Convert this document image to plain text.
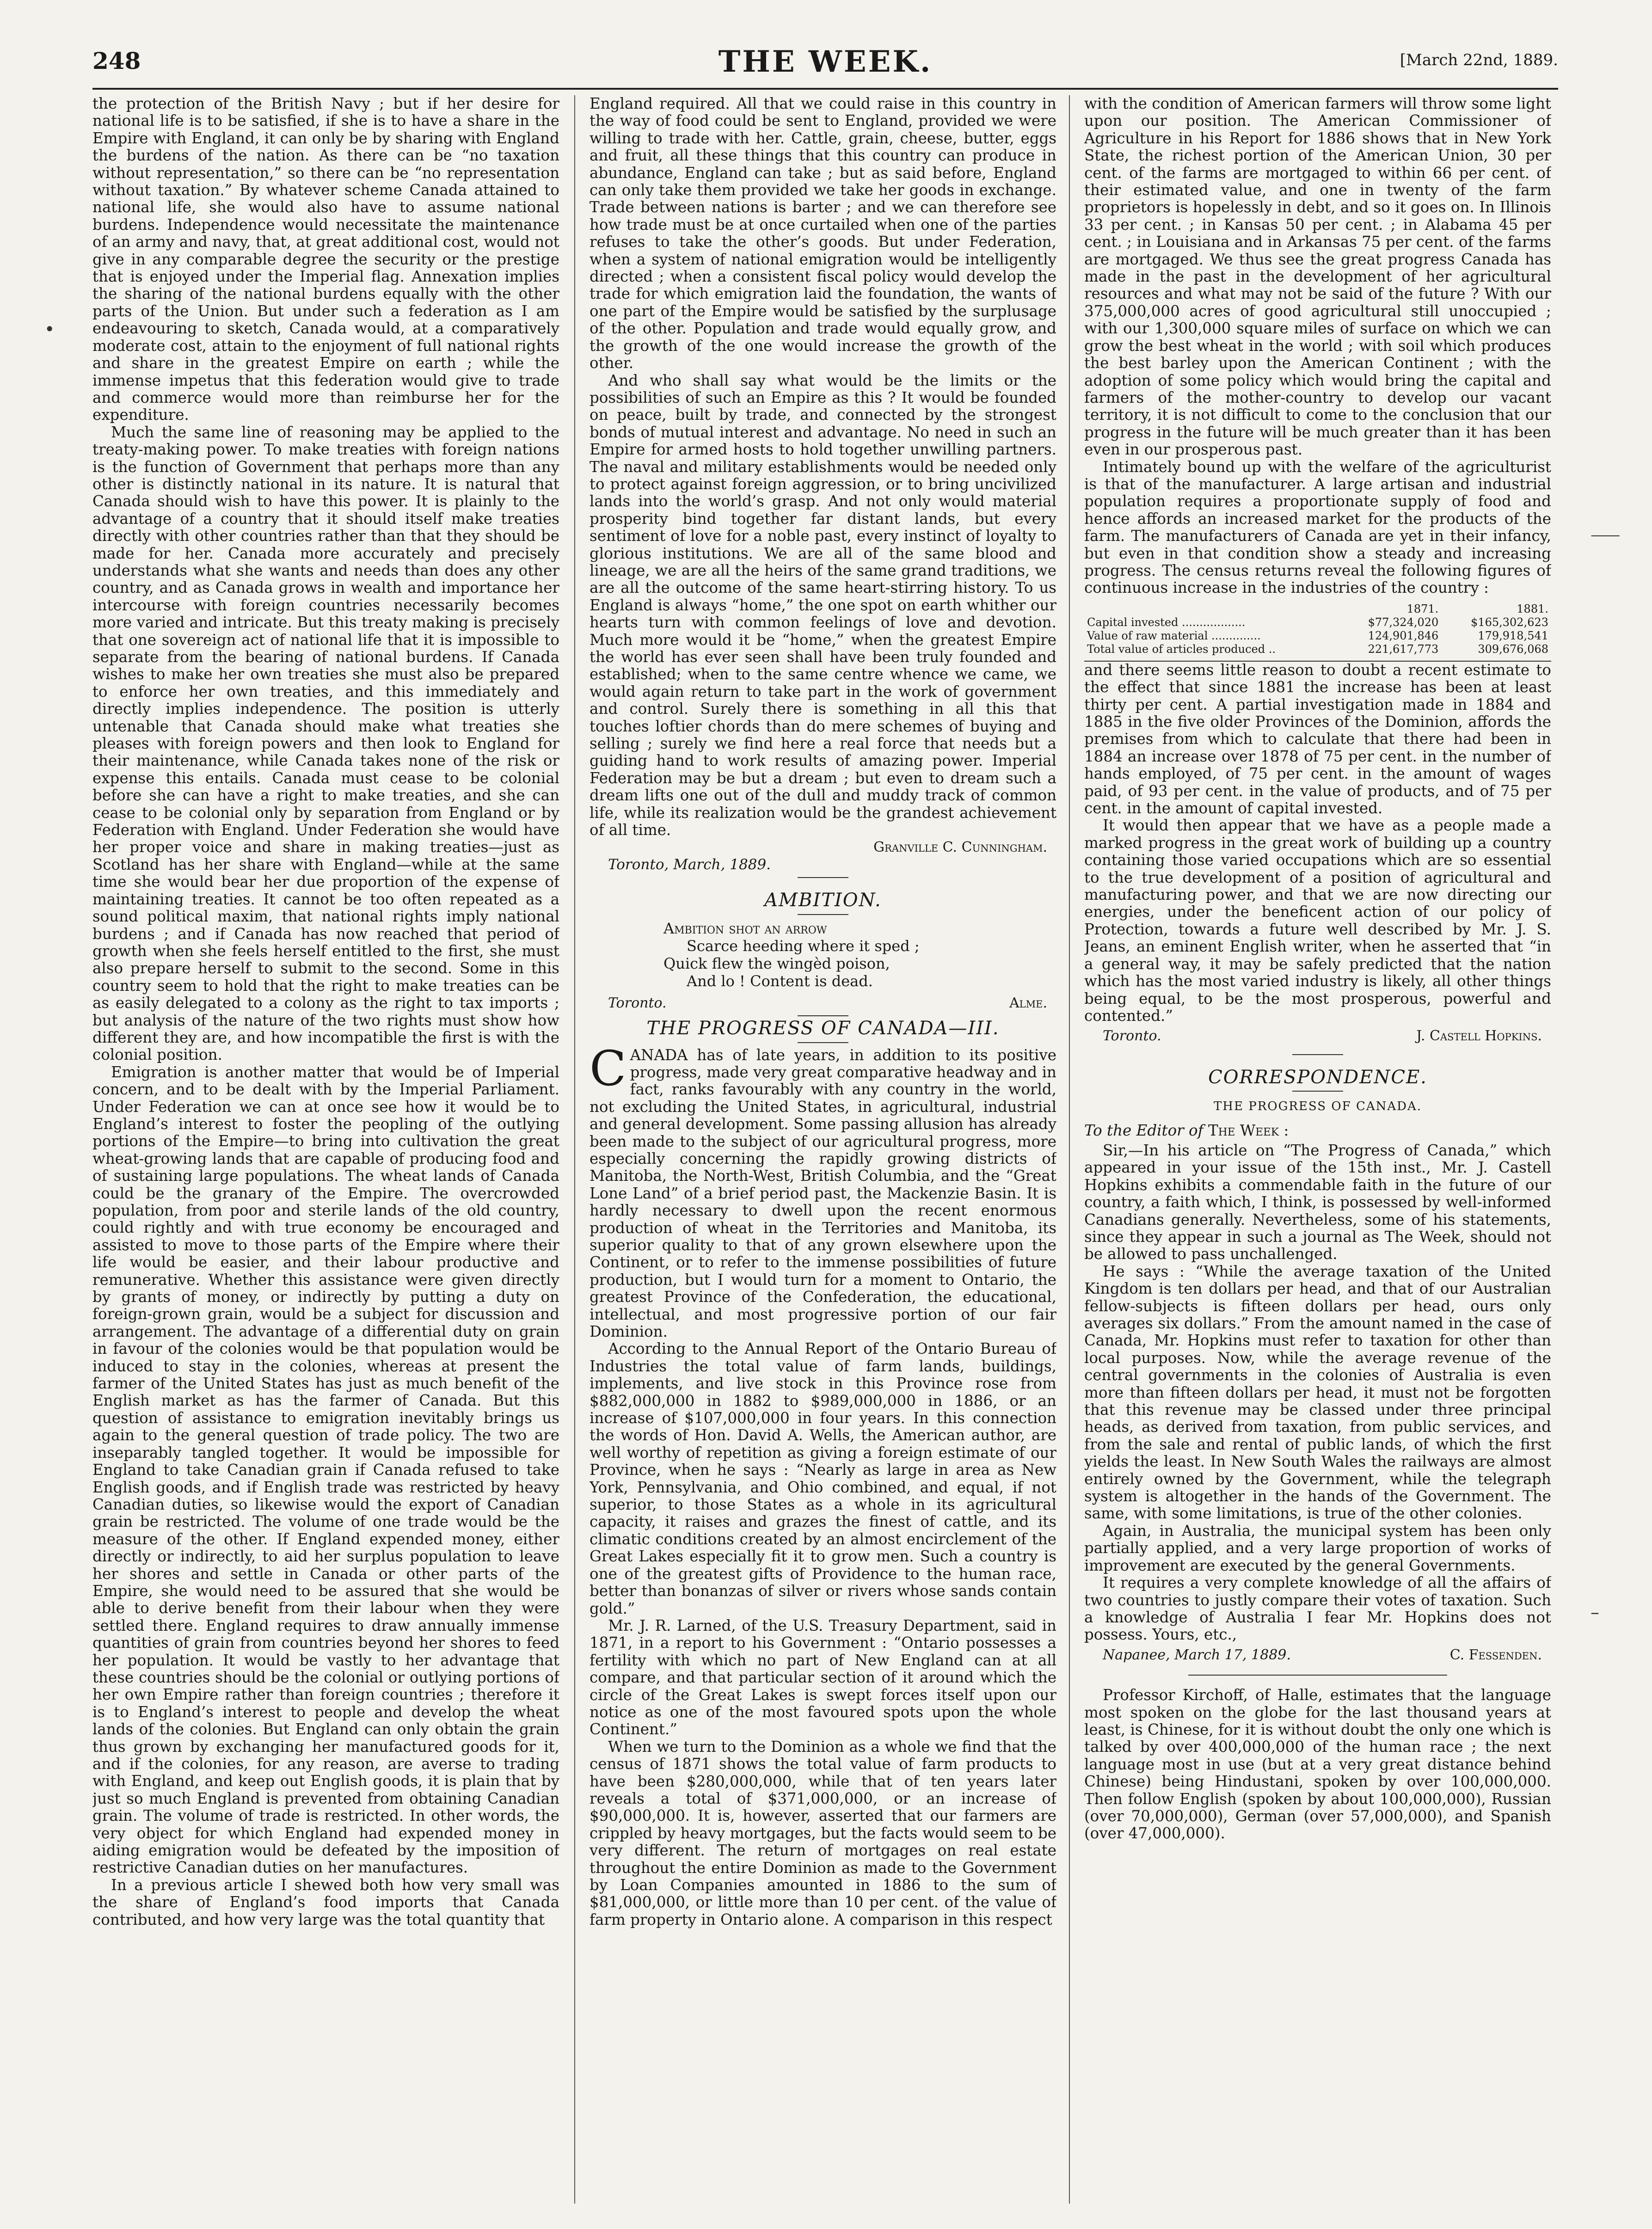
248	THE WEEK.	[March 22nd, 1889.

the protection of the British Navy ; but if her desire for national life is to be satisfied, if she is to have a share in the Empire with England, it can only be by sharing with England the burdens of the nation. As there can be “no taxation without representation,” so there can be “no representation without taxation.” By whatever scheme Canada attained to national life, she would also have to assume national burdens. Independence would necessitate the maintenance of an army and navy, that, at great additional cost, would not give in any comparable degree the security or the prestige that is enjoyed under the Imperial flag. Annexation implies the sharing of the national burdens equally with the other parts of the Union. But under such a federation as I am endeavouring to sketch, Canada would, at a comparatively moderate cost, attain to the enjoyment of full national rights and share in the greatest Empire on earth ; while the immense impetus that this federation would give to trade and commerce would more than reimburse her for the expenditure.

Much the same line of reasoning may be applied to the treaty-making power. To make treaties with foreign nations is the function of Government that perhaps more than any other is distinctly national in its nature. It is natural that Canada should wish to have this power. It is plainly to the advantage of a country that it should itself make treaties directly with other countries rather than that they should be made for her. Canada more accurately and precisely understands what she wants and needs than does any other country, and as Canada grows in wealth and importance her intercourse with foreign countries necessarily becomes more varied and intricate. But this treaty making is precisely that one sovereign act of national life that it is impossible to separate from the bearing of national burdens. If Canada wishes to make her own treaties she must also be prepared to enforce her own treaties, and this immediately and directly implies independence. The position is utterly untenable that Canada should make what treaties she pleases with foreign powers and then look to England for their maintenance, while Canada takes none of the risk or expense this entails. Canada must cease to be colonial before she can have a right to make treaties, and she can cease to be colonial only by separation from England or by Federation with England. Under Federation she would have her proper voice and share in making treaties—just as Scotland has her share with England—while at the same time she would bear her due proportion of the expense of maintaining treaties. It cannot be too often repeated as a sound political maxim, that national rights imply national burdens ; and if Canada has now reached that period of growth when she feels herself entitled to the first, she must also prepare herself to submit to the second. Some in this country seem to hold that the right to make treaties can be as easily delegated to a colony as the right to tax imports ; but analysis of the nature of the two rights must show how different they are, and how incompatible the first is with the colonial position.

Emigration is another matter that would be of Imperial concern, and to be dealt with by the Imperial Parliament. Under Federation we can at once see how it would be to England’s interest to foster the peopling of the outlying portions of the Empire—to bring into cultivation the great wheat-growing lands that are capable of producing food and of sustaining large populations. The wheat lands of Canada could be the granary of the Empire. The overcrowded population, from poor and sterile lands of the old country, could rightly and with true economy be encouraged and assisted to move to those parts of the Empire where their life would be easier, and their labour productive and remunerative. Whether this assistance were given directly by grants of money, or indirectly by putting a duty on foreign-grown grain, would be a subject for discussion and arrangement. The advantage of a differential duty on grain in favour of the colonies would be that population would be induced to stay in the colonies, whereas at present the farmer of the United States has just as much benefit of the English market as has the farmer of Canada. But this question of assistance to emigration inevitably brings us again to the general question of trade policy. The two are inseparably tangled together. It would be impossible for England to take Canadian grain if Canada refused to take English goods, and if English trade was restricted by heavy Canadian duties, so likewise would the export of Canadian grain be restricted. The volume of one trade would be the measure of the other. If England expended money, either directly or indirectly, to aid her surplus population to leave her shores and settle in Canada or other parts of the Empire, she would need to be assured that she would be able to derive benefit from their labour when they were settled there. England requires to draw annually immense quantities of grain from countries beyond her shores to feed her population. It would be vastly to her advantage that these countries should be the colonial or outlying portions of her own Empire rather than foreign countries ; therefore it is to England’s interest to people and develop the wheat lands of the colonies. But England can only obtain the grain thus grown by exchanging her manufactured goods for it, and if the colonies, for any reason, are averse to trading with England, and keep out English goods, it is plain that by just so much England is prevented from obtaining Canadian grain. The volume of trade is restricted. In other words, the very object for which England had expended money in aiding emigration would be defeated by the imposition of restrictive Canadian duties on her manufactures.

In a previous article I shewed both how very small was the share of England’s food imports that Canada contributed, and how very large was the total quantity that

England required. All that we could raise in this country in the way of food could be sent to England, provided we were willing to trade with her. Cattle, grain, cheese, butter, eggs and fruit, all these things that this country can produce in abundance, England can take ; but as said before, England can only take them provided we take her goods in exchange. Trade between nations is barter ; and we can therefore see how trade must be at once curtailed when one of the parties refuses to take the other’s goods. But under Federation, when a system of national emigration would be intelligently directed ; when a consistent fiscal policy would develop the trade for which emigration laid the foundation, the wants of one part of the Empire would be satisfied by the surplusage of the other. Population and trade would equally grow, and the growth of the one would increase the growth of the other.

And who shall say what would be the limits or the possibilities of such an Empire as this ? It would be founded on peace, built by trade, and connected by the strongest bonds of mutual interest and advantage. No need in such an Empire for armed hosts to hold together unwilling partners. The naval and military establishments would be needed only to protect against foreign aggression, or to bring uncivilized lands into the world’s grasp. And not only would material prosperity bind together far distant lands, but every sentiment of love for a noble past, every instinct of loyalty to glorious institutions. We are all of the same blood and lineage, we are all the heirs of the same grand traditions, we are all the outcome of the same heart-stirring history. To us England is always “home,” the one spot on earth whither our hearts turn with common feelings of love and devotion. Much more would it be “home,” when the greatest Empire the world has ever seen shall have been truly founded and established; when to the same centre whence we came, we would again return to take part in the work of government and control. Surely there is something in all this that touches loftier chords than do mere schemes of buying and selling ; surely we find here a real force that needs but a guiding hand to work results of amazing power. Imperial Federation may be but a dream ; but even to dream such a dream lifts one out of the dull and muddy track of common life, while its realization would be the grandest achievement of all time.

Granville C. Cunningham.
Toronto, March, 1889.
AMBITION.
Ambition shot an arrow
Scarce heeding where it sped ;
Quick flew the wingèd poison,
And lo ! Content is dead.
Toronto.	Alme.
THE PROGRESS OF CANADA—III.

CANADA has of late years, in addition to its positive progress, made very great comparative headway and in fact, ranks favourably with any country in the world, not excluding the United States, in agricultural, industrial and general development. Some passing allusion has already been made to the subject of our agricultural progress, more especially concerning the rapidly growing districts of Manitoba, the North-West, British Columbia, and the “Great Lone Land” of a brief period past, the Mackenzie Basin. It is hardly necessary to dwell upon the recent enormous production of wheat in the Territories and Manitoba, its superior quality to that of any grown elsewhere upon the Continent, or to refer to the immense possibilities of future production, but I would turn for a moment to Ontario, the greatest Province of the Confederation, the educational, intellectual, and most progressive portion of our fair Dominion.

According to the Annual Report of the Ontario Bureau of Industries the total value of farm lands, buildings, implements, and live stock in this Province rose from $882,000,000 in 1882 to $989,000,000 in 1886, or an increase of $107,000,000 in four years. In this connection the words of Hon. David A. Wells, the American author, are well worthy of repetition as giving a foreign estimate of our Province, when he says : “Nearly as large in area as New York, Pennsylvania, and Ohio combined, and equal, if not superior, to those States as a whole in its agricultural capacity, it raises and grazes the finest of cattle, and its climatic conditions created by an almost encirclement of the Great Lakes especially fit it to grow men. Such a country is one of the greatest gifts of Providence to the human race, better than bonanzas of silver or rivers whose sands contain gold.”

Mr. J. R. Larned, of the U.S. Treasury Department, said in 1871, in a report to his Government : “Ontario possesses a fertility with which no part of New England can at all compare, and that particular section of it around which the circle of the Great Lakes is swept forces itself upon our notice as one of the most favoured spots upon the whole Continent.”

When we turn to the Dominion as a whole we find that the census of 1871 shows the total value of farm products to have been $280,000,000, while that of ten years later reveals a total of $371,000,000, or an increase of $90,000,000. It is, however, asserted that our farmers are crippled by heavy mortgages, but the facts would seem to be very different. The return of mortgages on real estate throughout the entire Dominion as made to the Government by Loan Companies amounted in 1886 to the sum of $81,000,000, or little more than 10 per cent. of the value of farm property in Ontario alone. A comparison in this respect

with the condition of American farmers will throw some light upon our position. The American Commissioner of Agriculture in his Report for 1886 shows that in New York State, the richest portion of the American Union, 30 per cent. of the farms are mortgaged to within 66 per cent. of their estimated value, and one in twenty of the farm proprietors is hopelessly in debt, and so it goes on. In Illinois 33 per cent. ; in Kansas 50 per cent. ; in Alabama 45 per cent. ; in Louisiana and in Arkansas 75 per cent. of the farms are mortgaged. We thus see the great progress Canada has made in the past in the development of her agricultural resources and what may not be said of the future ? With our 375,000,000 acres of good agricultural still unoccupied ; with our 1,300,000 square miles of surface on which we can grow the best wheat in the world ; with soil which produces the best barley upon the American Continent ; with the adoption of some policy which would bring the capital and farmers of the mother-country to develop our vacant territory, it is not difficult to come to the conclusion that our progress in the future will be much greater than it has been even in our prosperous past.

Intimately bound up with the welfare of the agriculturist is that of the manufacturer. A large artisan and industrial population requires a proportionate supply of food and hence affords an increased market for the products of the farm. The manufacturers of Canada are yet in their infancy, but even in that condition show a steady and increasing progress. The census returns reveal the following figures of continuous increase in the industries of the country :

	1871.	1881.
Capital invested ..................	$77,324,020	$165,302,623
Value of raw material ..............	124,901,846	179,918,541
Total value of articles produced ..	221,617,773	309,676,068

and there seems little reason to doubt a recent estimate to the effect that since 1881 the increase has been at least thirty per cent. A partial investigation made in 1884 and 1885 in the five older Provinces of the Dominion, affords the premises from which to calculate that there had been in 1884 an increase over 1878 of 75 per cent. in the number of hands employed, of 75 per cent. in the amount of wages paid, of 93 per cent. in the value of products, and of 75 per cent. in the amount of capital invested.

It would then appear that we have as a people made a marked progress in the great work of building up a country containing those varied occupations which are so essential to the true development of a position of agricultural and manufacturing power, and that we are now directing our energies, under the beneficent action of our policy of Protection, towards a future well described by Mr. J. S. Jeans, an eminent English writer, when he asserted that “in a general way, it may be safely predicted that the nation which has the most varied industry is likely, all other things being equal, to be the most prosperous, powerful and contented.”

Toronto.	J. Castell Hopkins.
CORRESPONDENCE.
THE PROGRESS OF CANADA.
To the Editor of The Week :

Sir,—In his article on “The Progress of Canada,” which appeared in your issue of the 15th inst., Mr. J. Castell Hopkins exhibits a commendable faith in the future of our country, a faith which, I think, is possessed by well-informed Canadians generally. Nevertheless, some of his statements, since they appear in such a journal as The Week, should not be allowed to pass unchallenged.

He says : “While the average taxation of the United Kingdom is ten dollars per head, and that of our Australian fellow-subjects is fifteen dollars per head, ours only averages six dollars.” From the amount named in the case of Canada, Mr. Hopkins must refer to taxation for other than local purposes. Now, while the average revenue of the central governments in the colonies of Australia is even more than fifteen dollars per head, it must not be forgotten that this revenue may be classed under three principal heads, as derived from taxation, from public services, and from the sale and rental of public lands, of which the first yields the least. In New South Wales the railways are almost entirely owned by the Government, while the telegraph system is altogether in the hands of the Government. The same, with some limitations, is true of the other colonies.

Again, in Australia, the municipal system has been only partially applied, and a very large proportion of works of improvement are executed by the general Governments.

It requires a very complete knowledge of all the affairs of two countries to justly compare their votes of taxation. Such a knowledge of Australia I fear Mr. Hopkins does not possess. Yours, etc.,

Napanee, March 17, 1889.	C. Fessenden.

Professor Kirchoff, of Halle, estimates that the language most spoken on the globe for the last thousand years at least, is Chinese, for it is without doubt the only one which is talked by over 400,000,000 of the human race ; the next language most in use (but at a very great distance behind Chinese) being Hindustani, spoken by over 100,000,000. Then follow English (spoken by about 100,000,000), Russian (over 70,000,000), German (over 57,000,000), and Spanish (over 47,000,000).

⸺
•
–
